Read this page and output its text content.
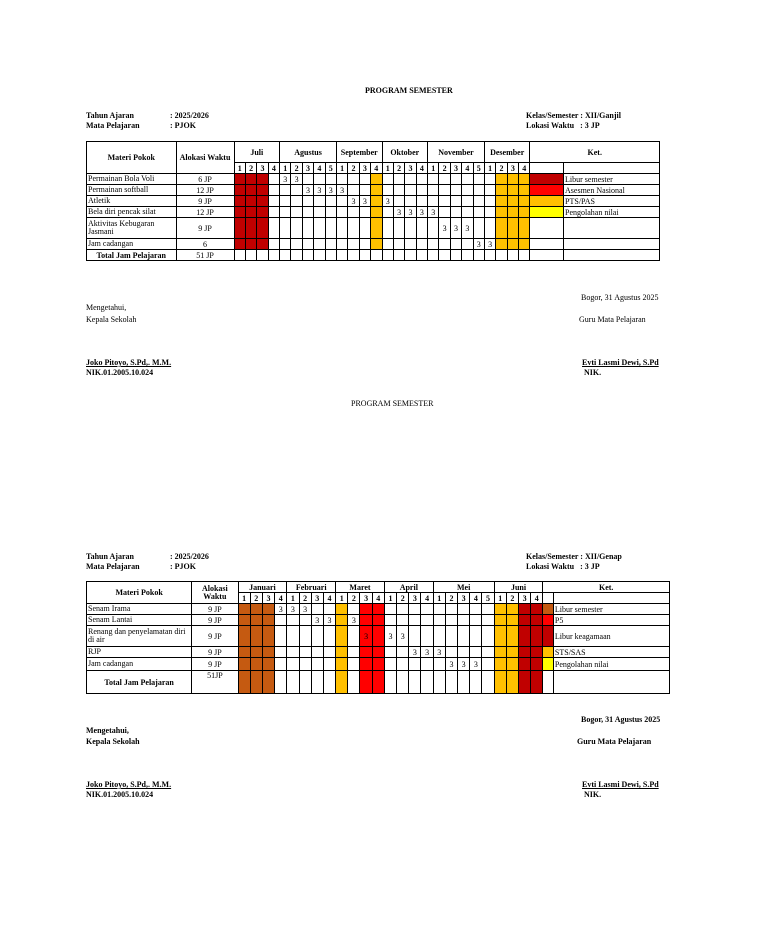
PROGRAM SEMESTER
Tahun Ajaran	: 2025/2026
Mata Pelajaran	: PJOK
Kelas/Semester : XII/Ganjil
Lokasi Waktu   : 3 JP
Materi Pokok	Alokasi Waktu	Juli				Agustus					September				Oktober				November					Desember				Ket.	
		1	2	3	4	1	2	3	4	5	1	2	3	4	1	2	3	4	1	2	3	4	5	1	2	3	4		
Permainan Bola Voli	6 JP					3	3																						Libur semester
Permainan softball	12 JP							3	3	3	3																		Asesmen Nasional
Atletik	9 JP											3	3		3														PTS/PAS
Bela diri pencak silat	12 JP															3	3	3	3										Pengolahan nilai
Aktivitas Kebugaran Jasmani	9 JP																			3	3	3							
Jam cadangan	6																						3	3					
Total Jam Pelajaran	51 JP																												
Bogor, 31 Agustus 2025
Mengetahui,
Kepala Sekolah	Guru Mata Pelajaran
Joko Pitoyo, S.Pd,. M.M.
NIK.01.2005.10.024
Evti Lasmi Dewi, S.Pd
NIK.
PROGRAM SEMESTER
Tahun Ajaran	: 2025/2026
Mata Pelajaran	: PJOK
Kelas/Semester : XII/Genap
Lokasi Waktu   : 3 JP
Materi Pokok	Alokasi Waktu	Januari				Februari				Maret				April				Mei					Juni				Ket.	
		1	2	3	4	1	2	3	4	1	2	3	4	1	2	3	4	1	2	3	4	5	1	2	3	4		
Senam Irama	9 JP				3	3	3																					Libur semester
Senam Lantai	9 JP							3	3		3																	P5
Renang dan penyelamatan diri di air	9 JP											3		3	3													Libur keagamaan
RJP	9 JP															3	3	3										STS/SAS
Jam cadangan	9 JP																		3	3	3							Pengolahan nilai
Total Jam Pelajaran	51JP																											
Bogor, 31 Agustus 2025
Mengetahui,
Kepala Sekolah	Guru Mata Pelajaran
Joko Pitoyo, S.Pd,. M.M.
NIK.01.2005.10.024
Evti Lasmi Dewi, S.Pd
NIK.
